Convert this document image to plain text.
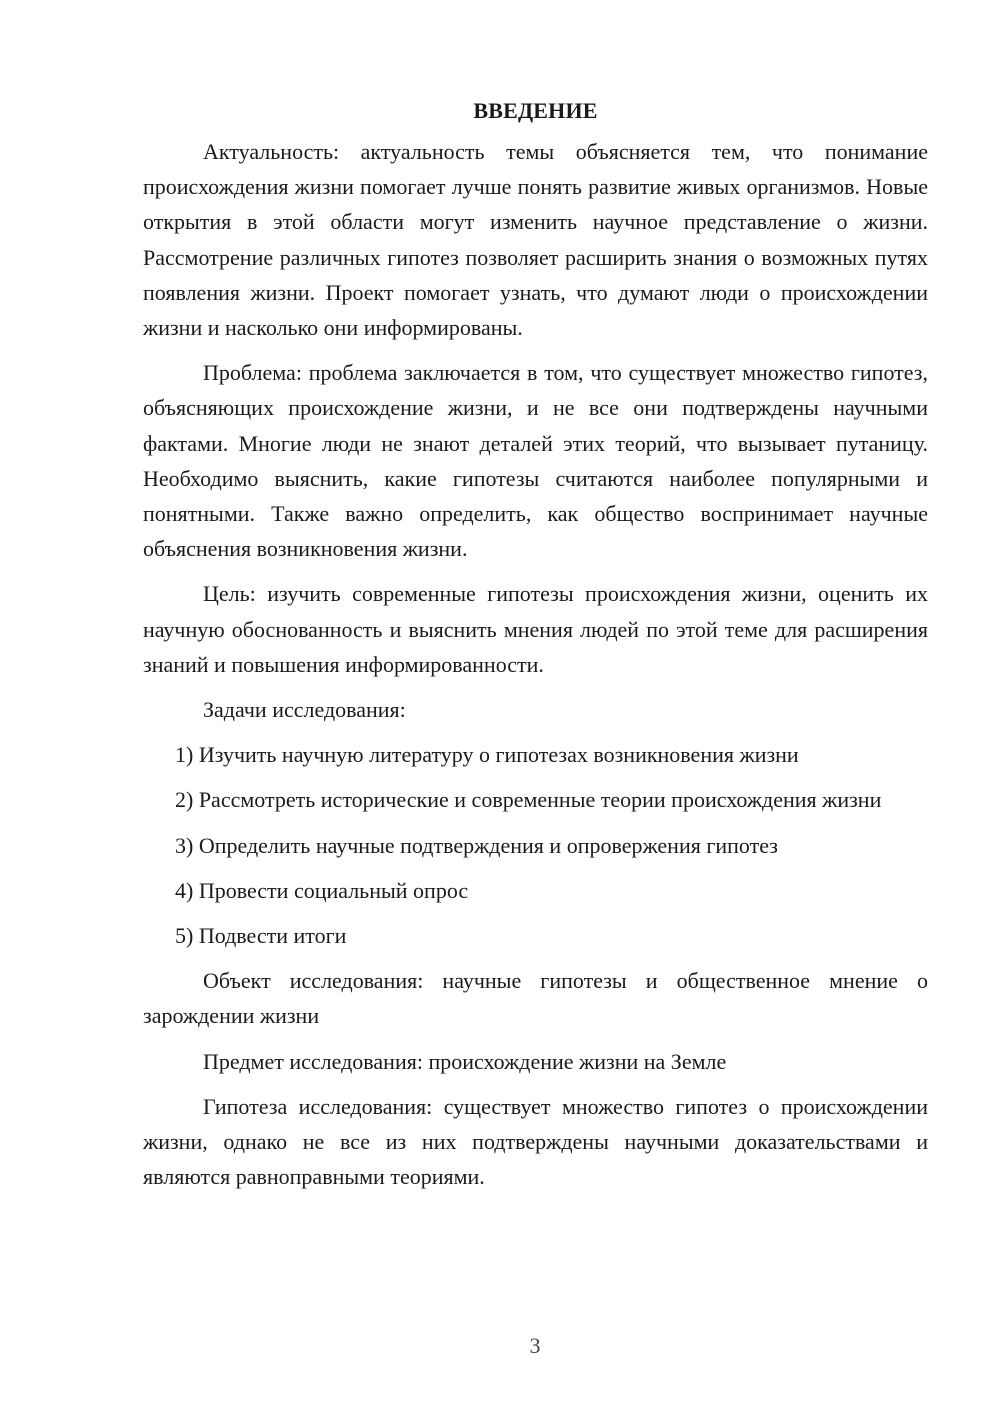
ВВЕДЕНИЕ

Актуальность: актуальность темы объясняется тем, что понимание происхождения жизни помогает лучше понять развитие живых организмов. Новые открытия в этой области могут изменить научное представление о жизни. Рассмотрение различных гипотез позволяет расширить знания о возможных путях появления жизни. Проект помогает узнать, что думают люди о происхождении жизни и насколько они информированы.

Проблема: проблема заключается в том, что существует множество гипотез, объясняющих происхождение жизни, и не все они подтверждены научными фактами. Многие люди не знают деталей этих теорий, что вызывает путаницу. Необходимо выяснить, какие гипотезы считаются наиболее популярными и понятными. Также важно определить, как общество воспринимает научные объяснения возникновения жизни.

Цель: изучить современные гипотезы происхождения жизни, оценить их научную обоснованность и выяснить мнения людей по этой теме для расширения знаний и повышения информированности.

Задачи исследования:

1) Изучить научную литературу о гипотезах возникновения жизни

2) Рассмотреть исторические и современные теории происхождения жизни

3) Определить научные подтверждения и опровержения гипотез

4) Провести социальный опрос

5) Подвести итоги

Объект исследования: научные гипотезы и общественное мнение о зарождении жизни

Предмет исследования: происхождение жизни на Земле

Гипотеза исследования: существует множество гипотез о происхождении жизни, однако не все из них подтверждены научными доказательствами и являются равноправными теориями.

3
